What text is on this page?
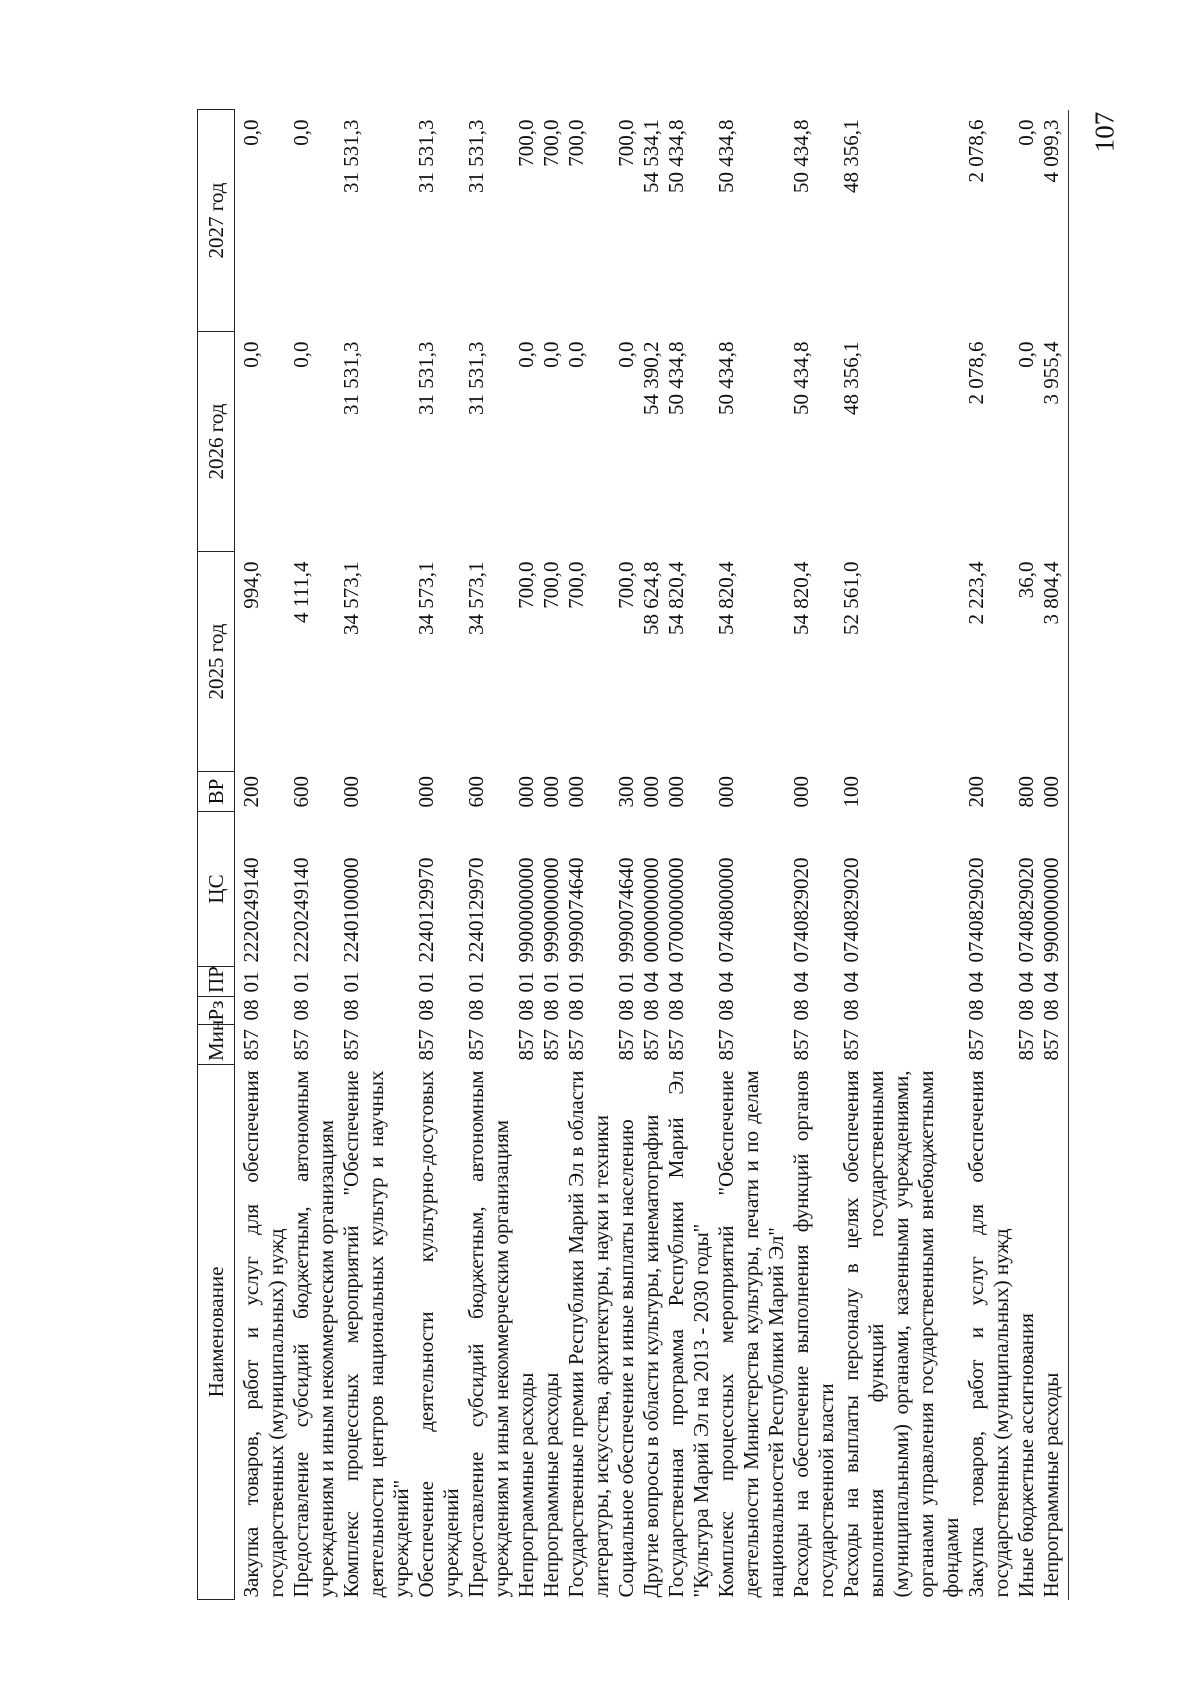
107
Наименование	Мин	Рз	ПР	ЦС	ВР	2025 год	2026 год	2027 год
Закупка товаров, работ и услуг для обеспечения государственных (муниципальных) нужд	857	08	01	2220249140	200	994,0	0,0	0,0
Предоставление субсидий бюджетным, автономным учреждениям и иным некоммерческим организациям	857	08	01	2220249140	600	4 111,4	0,0	0,0
Комплекс процессных мероприятий "Обеспечение деятельности центров национальных культур и научных учреждений"	857	08	01	2240100000	000	34 573,1	31 531,3	31 531,3
Обеспечение деятельности культурно-досуговых учреждений	857	08	01	2240129970	000	34 573,1	31 531,3	31 531,3
Предоставление субсидий бюджетным, автономным учреждениям и иным некоммерческим организациям	857	08	01	2240129970	600	34 573,1	31 531,3	31 531,3
Непрограммные расходы	857	08	01	9900000000	000	700,0	0,0	700,0
Непрограммные расходы	857	08	01	9990000000	000	700,0	0,0	700,0
Государственные премии Республики Марий Эл в области литературы, искусства, архитектуры, науки и техники	857	08	01	9990074640	000	700,0	0,0	700,0
Социальное обеспечение и иные выплаты населению	857	08	01	9990074640	300	700,0	0,0	700,0
Другие вопросы в области культуры, кинематографии	857	08	04	0000000000	000	58 624,8	54 390,2	54 534,1
Государственная программа Республики Марий Эл "Культура Марий Эл на 2013 - 2030 годы"	857	08	04	0700000000	000	54 820,4	50 434,8	50 434,8
Комплекс процессных мероприятий "Обеспечение деятельности Министерства культуры, печати и по делам национальностей Республики Марий Эл"	857	08	04	0740800000	000	54 820,4	50 434,8	50 434,8
Расходы на обеспечение выполнения функций органов государственной власти	857	08	04	0740829020	000	54 820,4	50 434,8	50 434,8
Расходы на выплаты персоналу в целях обеспечения выполнения функций государственными (муниципальными) органами, казенными учреждениями, органами управления государственными внебюджетными фондами	857	08	04	0740829020	100	52 561,0	48 356,1	48 356,1
Закупка товаров, работ и услуг для обеспечения государственных (муниципальных) нужд	857	08	04	0740829020	200	2 223,4	2 078,6	2 078,6
Иные бюджетные ассигнования	857	08	04	0740829020	800	36,0	0,0	0,0
Непрограммные расходы	857	08	04	9900000000	000	3 804,4	3 955,4	4 099,3
